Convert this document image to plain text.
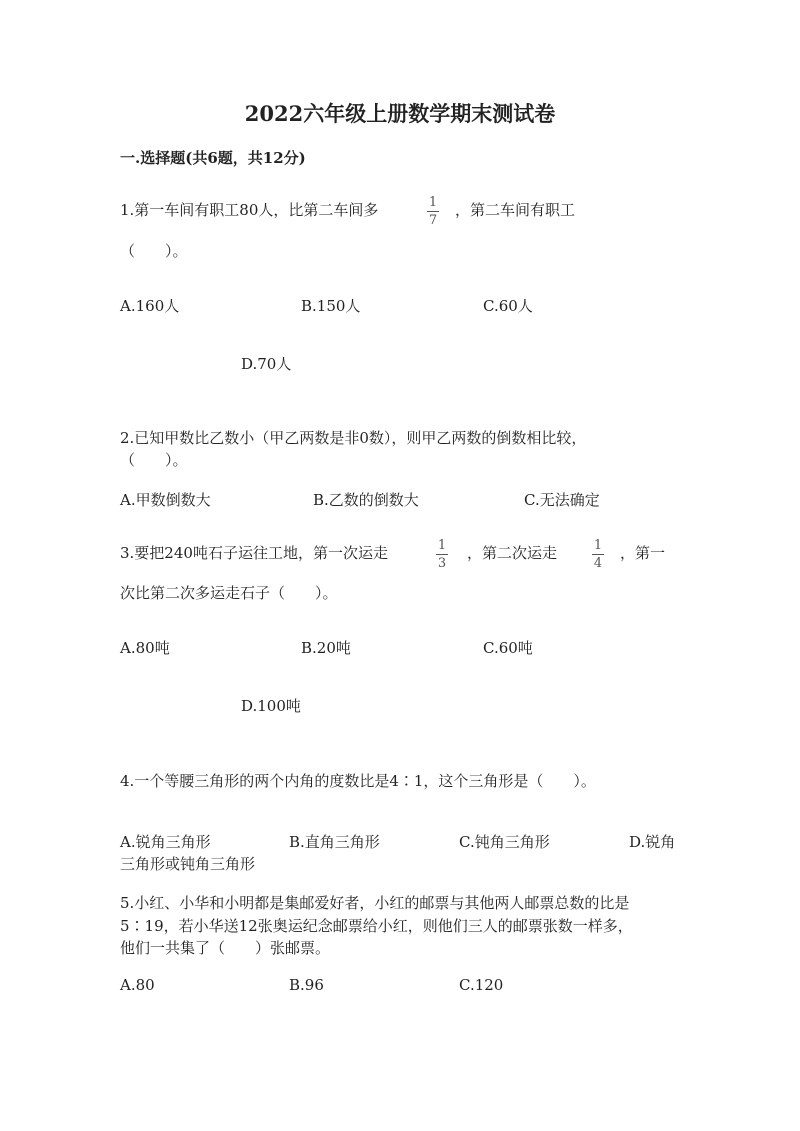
2022六年级上册数学期末测试卷
一.选择题(共6题，共12分)
1.第一车间有职工80人，比第二车间多	1
7
，第二车间有职工
（　　）。
A.160人	B.150人	C.60人
D.70人
2.已知甲数比乙数小（甲乙两数是非0数），则甲乙两数的倒数相比较，
（　　）。
A.甲数倒数大	B.乙数的倒数大	C.无法确定
3.要把240吨石子运往工地，第一次运走	1
3
，第二次运走	1
4
，第一
次比第二次多运走石子（　　）。
A.80吨	B.20吨	C.60吨
D.100吨
4.一个等腰三角形的两个内角的度数比是4∶1，这个三角形是（　　）。
A.锐角三角形	B.直角三角形	C.钝角三角形	D.锐角
三角形或钝角三角形
5.小红、小华和小明都是集邮爱好者，小红的邮票与其他两人邮票总数的比是
5∶19，若小华送12张奥运纪念邮票给小红，则他们三人的邮票张数一样多，
他们一共集了（　　）张邮票。
A.80	B.96	C.120
